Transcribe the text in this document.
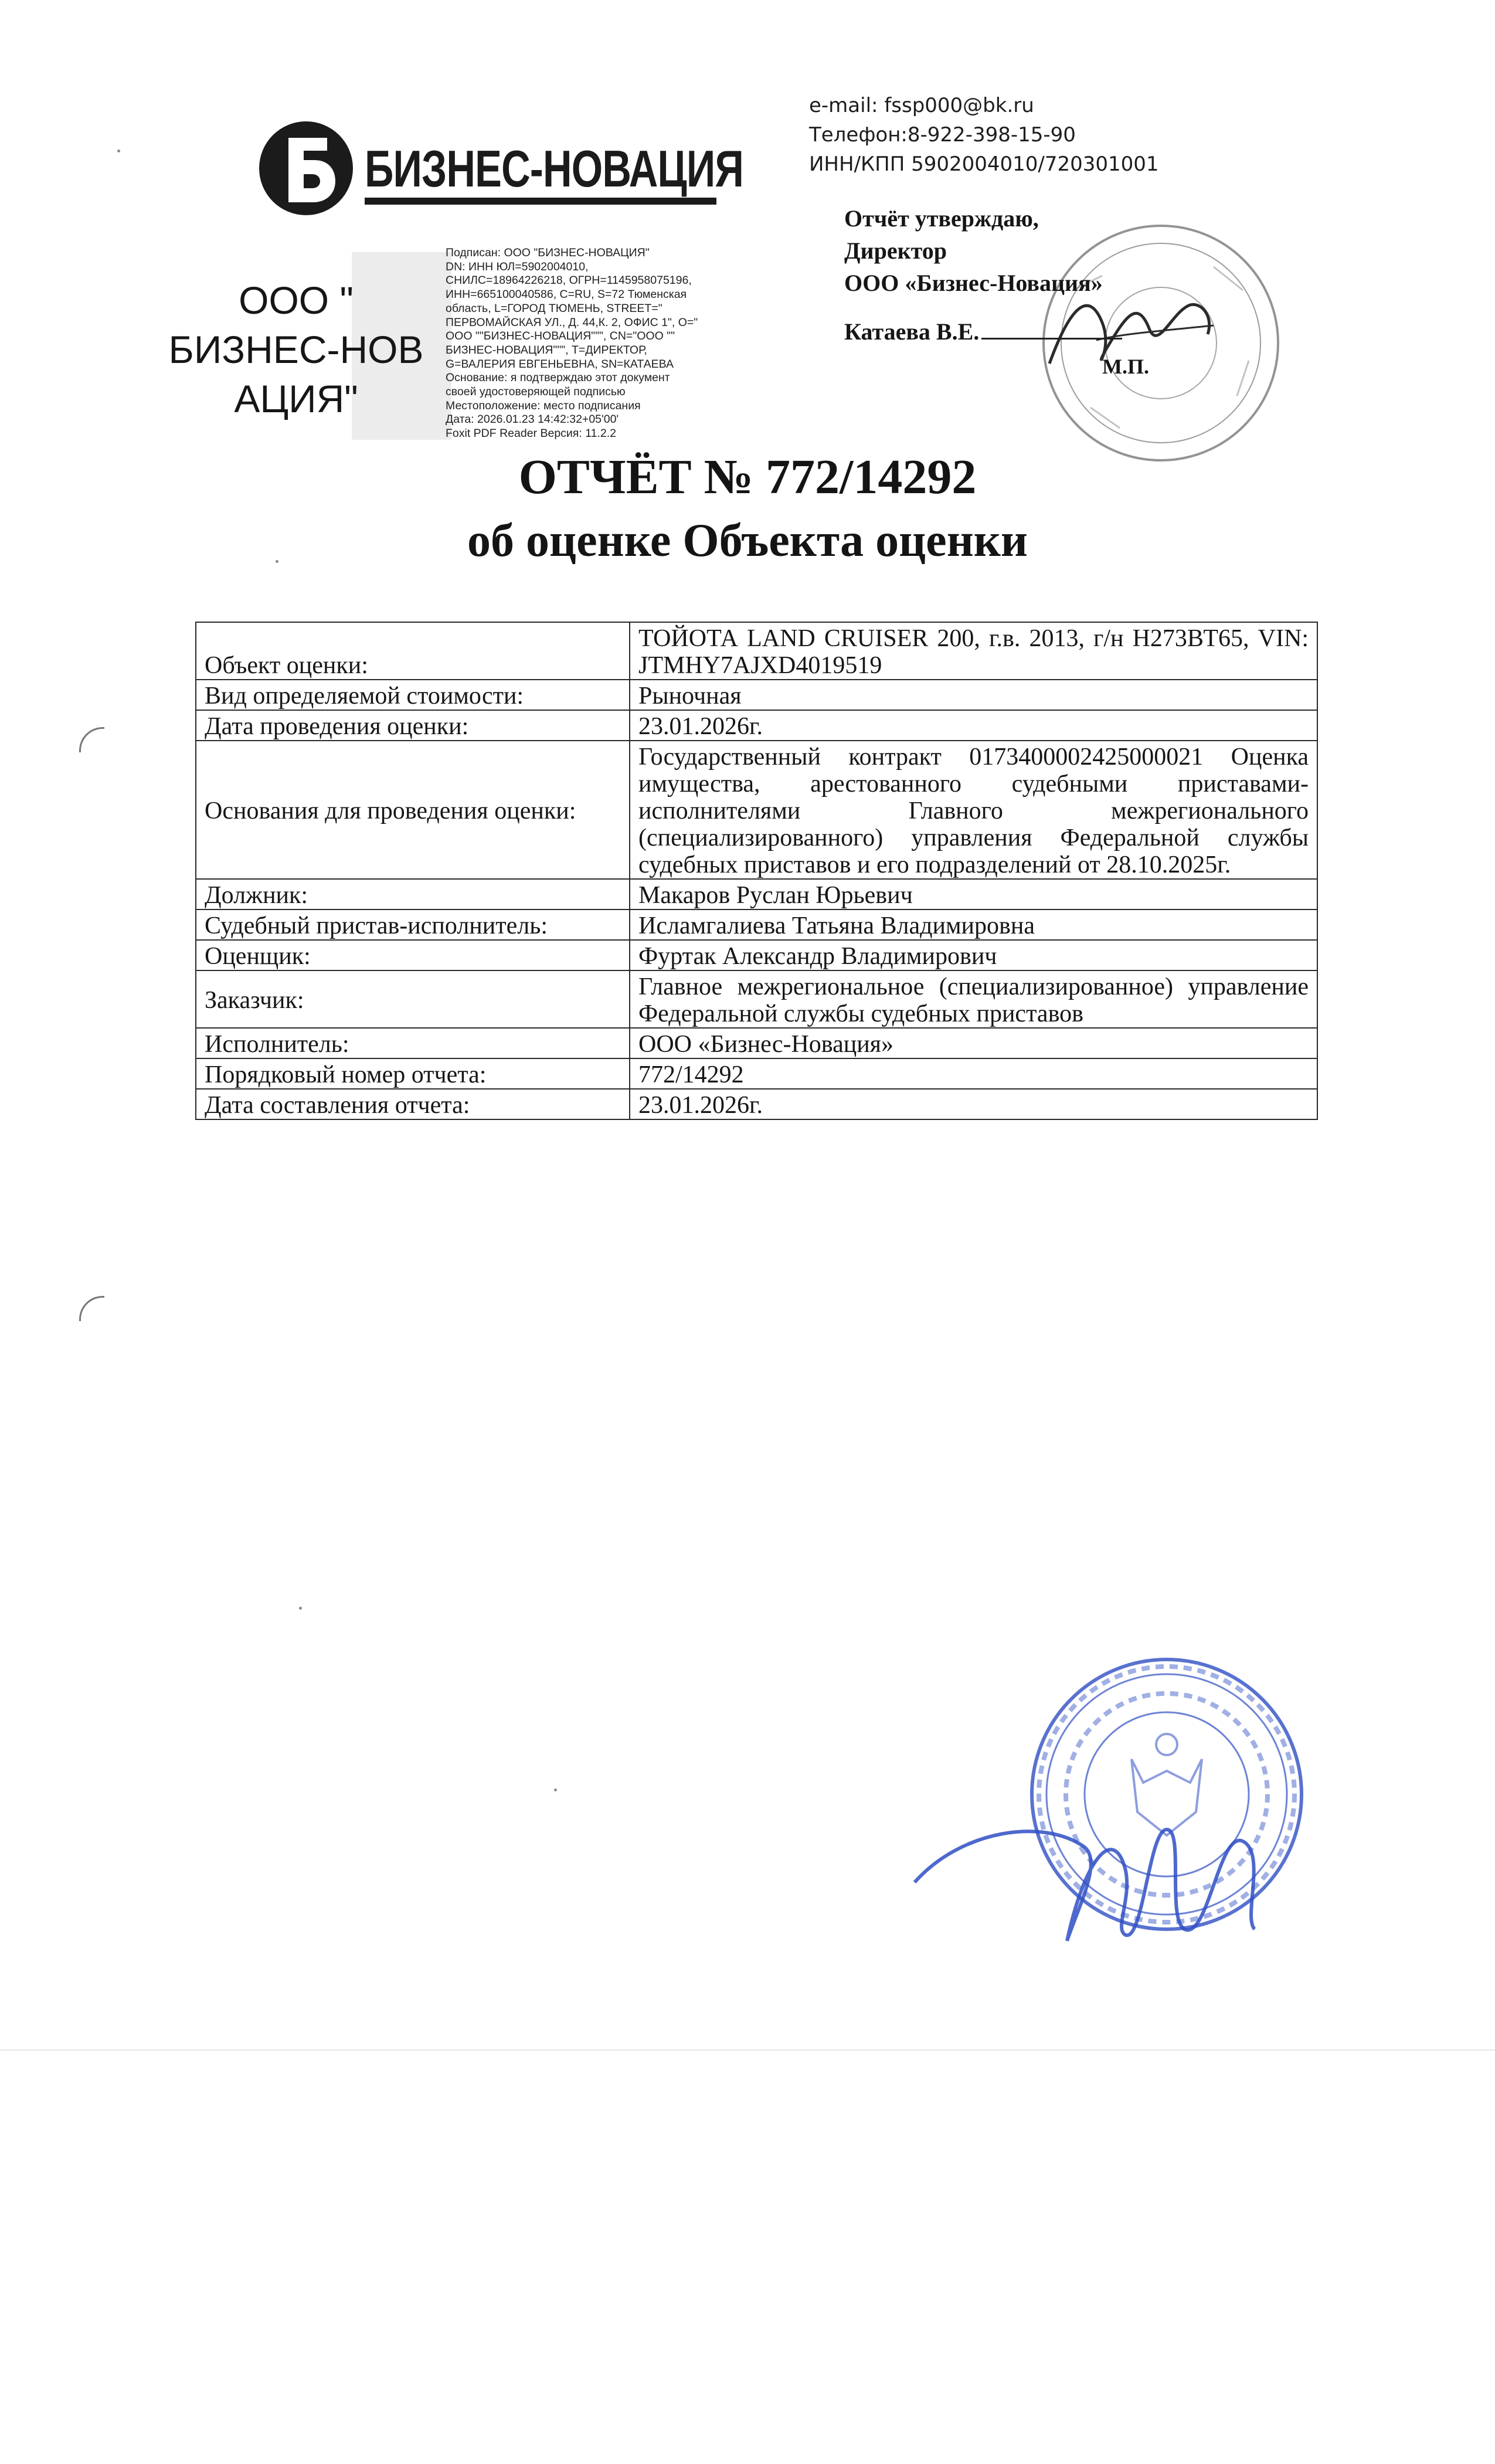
БИЗНЕС-НОВАЦИЯ
e-mail: fssp000@bk.ru
Телефон:8-922-398-15-90
ИНН/КПП 5902004010/720301001
Отчёт утверждаю,
Директор
ООО «Бизнес-Новация»
Катаева В.Е.
М.П.
ООО "
БИЗНЕС-НОВ
АЦИЯ"
Подписан: ООО "БИЗНЕС-НОВАЦИЯ"
DN: ИНН ЮЛ=5902004010,
СНИЛС=18964226218, ОГРН=1145958075196,
ИНН=665100040586, C=RU, S=72 Тюменская
область, L=ГОРОД ТЮМЕНЬ, STREET="
ПЕРВОМАЙСКАЯ УЛ., Д. 44,К. 2, ОФИС 1", O="
ООО ""БИЗНЕС-НОВАЦИЯ""", CN="ООО ""
БИЗНЕС-НОВАЦИЯ""", T=ДИРЕКТОР,
G=ВАЛЕРИЯ ЕВГЕНЬЕВНА, SN=КАТАЕВА
Основание: я подтверждаю этот документ
своей удостоверяющей подписью
Местоположение: место подписания
Дата: 2026.01.23 14:42:32+05'00'
Foxit PDF Reader Версия: 11.2.2
ОТЧЁТ № 772/14292
об оценке Объекта оценки
Объект оценки:	ТОЙОТА LAND CRUISER 200, г.в. 2013, г/н Н273ВТ65, VIN: JTMHY7AJXD4019519
Вид определяемой стоимости:	Рыночная
Дата проведения оценки:	23.01.2026г.
Основания для проведения оценки:	Государственный контракт 0173400002425000021 Оценка имущества, арестованного судебными приставами-исполнителями Главного межрегионального (специализированного) управления Федеральной службы судебных приставов и его подразделений от 28.10.2025г.
Должник:	Макаров Руслан Юрьевич
Судебный пристав-исполнитель:	Исламгалиева Татьяна Владимировна
Оценщик:	Фуртак Александр Владимирович
Заказчик:	Главное межрегиональное (специализированное) управление Федеральной службы судебных приставов
Исполнитель:	ООО «Бизнес-Новация»
Порядковый номер отчета:	772/14292
Дата составления отчета:	23.01.2026г.
